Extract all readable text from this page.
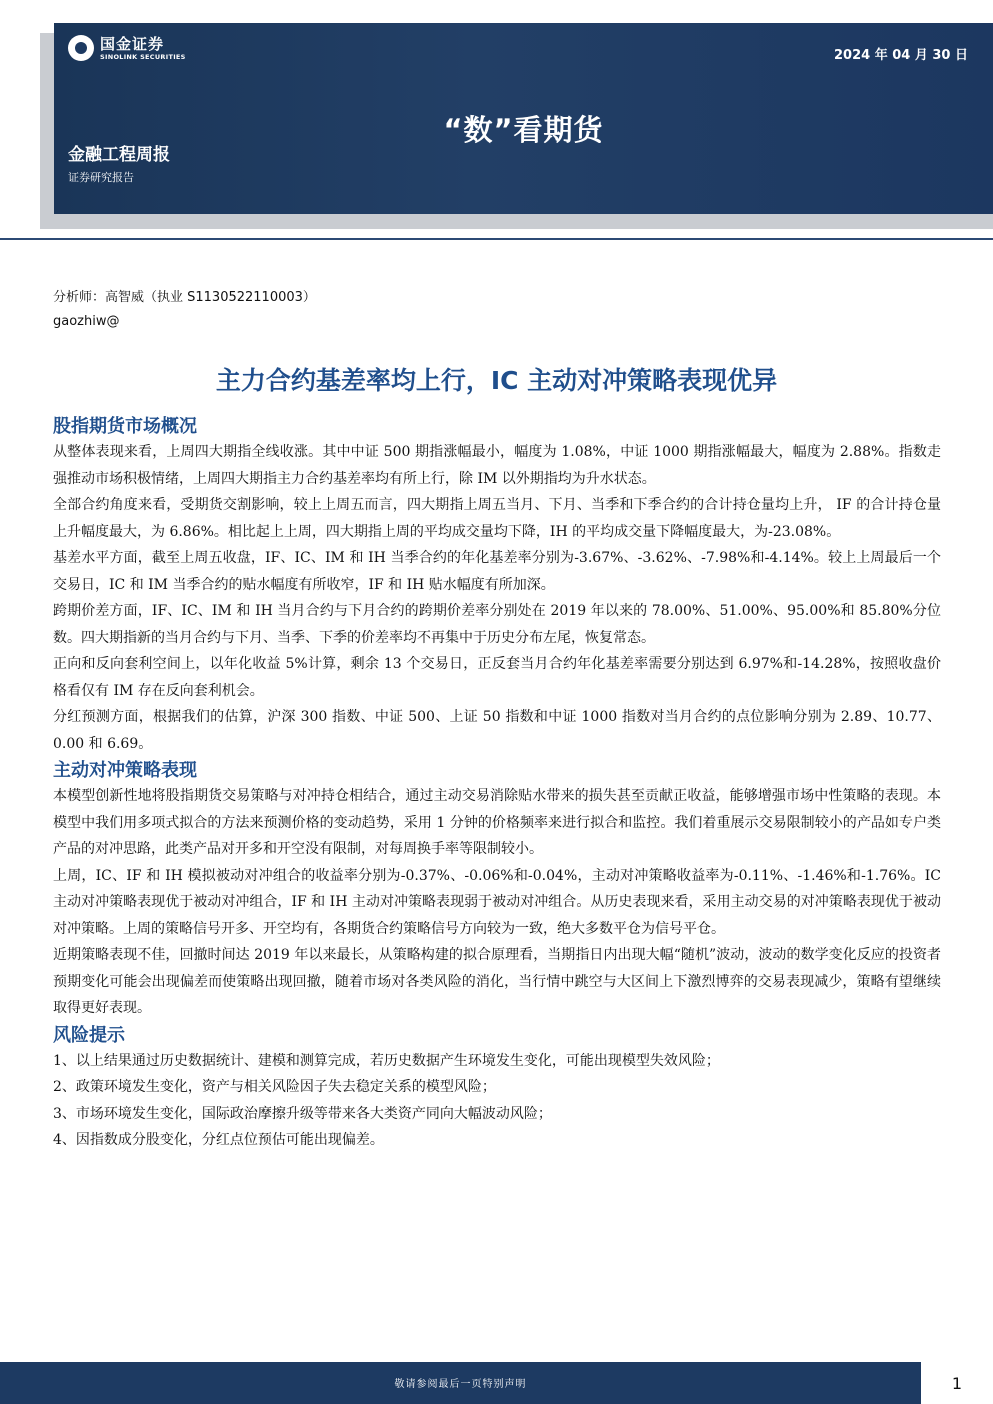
国金证券
SINOLINK SECURITIES	2024 年 04 月 30 日
“数”看期货
金融工程周报
证券研究报告
分析师：高智威（执业 S1130522110003）
gaozhiw@
主力合约基差率均上行，IC 主动对冲策略表现优异
股指期货市场概况

从整体表现来看，上周四大期指全线收涨。其中中证 500 期指涨幅最小，幅度为 1.08%，中证 1000 期指涨幅最大，幅度为 2.88%。指数走强推动市场积极情绪，上周四大期指主力合约基差率均有所上行，除 IM 以外期指均为升水状态。

全部合约角度来看，受期货交割影响，较上上周五而言，四大期指上周五当月、下月、当季和下季合约的合计持仓量均上升， IF 的合计持仓量上升幅度最大，为 6.86%。相比起上上周，四大期指上周的平均成交量均下降，IH 的平均成交量下降幅度最大，为-23.08%。

基差水平方面，截至上周五收盘，IF、IC、IM 和 IH 当季合约的年化基差率分别为-3.67%、-3.62%、-7.98%和-4.14%。较上上周最后一个交易日，IC 和 IM 当季合约的贴水幅度有所收窄，IF 和 IH 贴水幅度有所加深。

跨期价差方面，IF、IC、IM 和 IH 当月合约与下月合约的跨期价差率分别处在 2019 年以来的 78.00%、51.00%、95.00%和 85.80%分位数。四大期指新的当月合约与下月、当季、下季的价差率均不再集中于历史分布左尾，恢复常态。

正向和反向套利空间上，以年化收益 5%计算，剩余 13 个交易日，正反套当月合约年化基差率需要分别达到 6.97%和-14.28%，按照收盘价格看仅有 IM 存在反向套利机会。

分红预测方面，根据我们的估算，沪深 300 指数、中证 500、上证 50 指数和中证 1000 指数对当月合约的点位影响分别为 2.89、10.77、0.00 和 6.69。

主动对冲策略表现

本模型创新性地将股指期货交易策略与对冲持仓相结合，通过主动交易消除贴水带来的损失甚至贡献正收益，能够增强市场中性策略的表现。本模型中我们用多项式拟合的方法来预测价格的变动趋势，采用 1 分钟的价格频率来进行拟合和监控。我们着重展示交易限制较小的产品如专户类产品的对冲思路，此类产品对开多和开空没有限制，对每周换手率等限制较小。

上周，IC、IF 和 IH 模拟被动对冲组合的收益率分别为-0.37%、-0.06%和-0.04%，主动对冲策略收益率为-0.11%、-1.46%和-1.76%。IC 主动对冲策略表现优于被动对冲组合，IF 和 IH 主动对冲策略表现弱于被动对冲组合。从历史表现来看，采用主动交易的对冲策略表现优于被动对冲策略。上周的策略信号开多、开空均有，各期货合约策略信号方向较为一致，绝大多数平仓为信号平仓。

近期策略表现不佳，回撤时间达 2019 年以来最长，从策略构建的拟合原理看，当期指日内出现大幅“随机”波动，波动的数学变化反应的投资者预期变化可能会出现偏差而使策略出现回撤，随着市场对各类风险的消化，当行情中跳空与大区间上下激烈博弈的交易表现减少，策略有望继续取得更好表现。

风险提示

1、以上结果通过历史数据统计、建模和测算完成，若历史数据产生环境发生变化，可能出现模型失效风险；

2、政策环境发生变化，资产与相关风险因子失去稳定关系的模型风险；

3、市场环境发生变化，国际政治摩擦升级等带来各大类资产同向大幅波动风险；

4、因指数成分股变化，分红点位预估可能出现偏差。

敬请参阅最后一页特别声明	1
